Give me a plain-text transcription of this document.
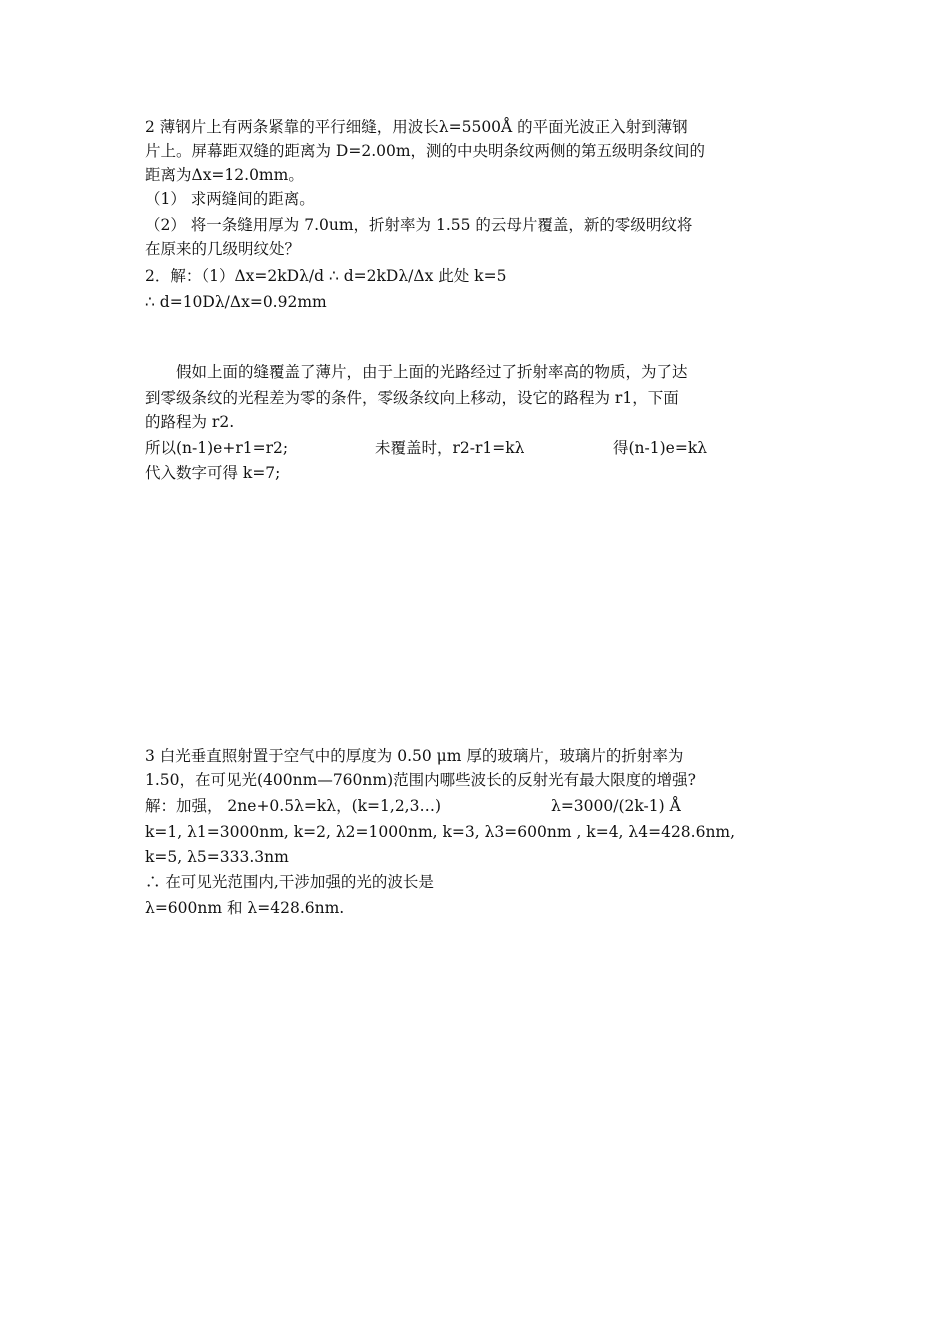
2 薄钢片上有两条紧靠的平行细缝，用波长λ=5500Å 的平面光波正入射到薄钢
片上。屏幕距双缝的距离为 D=2.00m，测的中央明条纹两侧的第五级明条纹间的
距离为Δx=12.0mm。
（1） 求两缝间的距离。
（2） 将一条缝用厚为 7.0um，折射率为 1.55 的云母片覆盖，新的零级明纹将
在原来的几级明纹处？
2．解：（1）Δx=2kDλ/d ∴ d=2kDλ/Δx 此处 k=5
∴ d=10Dλ/Δx=0.92mm
假如上面的缝覆盖了薄片，由于上面的光路经过了折射率高的物质，为了达
到零级条纹的光程差为零的条件，零级条纹向上移动，设它的路程为 r1，下面
的路程为 r2.
所以(n-1)e+r1=r2;	未覆盖时，r2-r1=kλ	得(n-1)e=kλ
代入数字可得 k=7;
3 白光垂直照射置于空气中的厚度为 0.50 μm 厚的玻璃片，玻璃片的折射率为
1.50，在可见光(400nm—760nm)范围内哪些波长的反射光有最大限度的增强?
解：加强， 2ne+0.5λ=kλ，(k=1,2,3…)	λ=3000/(2k-1) Å
k=1, λ1=3000nm, k=2, λ2=1000nm, k=3, λ3=600nm , k=4, λ4=428.6nm,
k=5, λ5=333.3nm
∴ 在可见光范围内,干涉加强的光的波长是
λ=600nm 和 λ=428.6nm.
